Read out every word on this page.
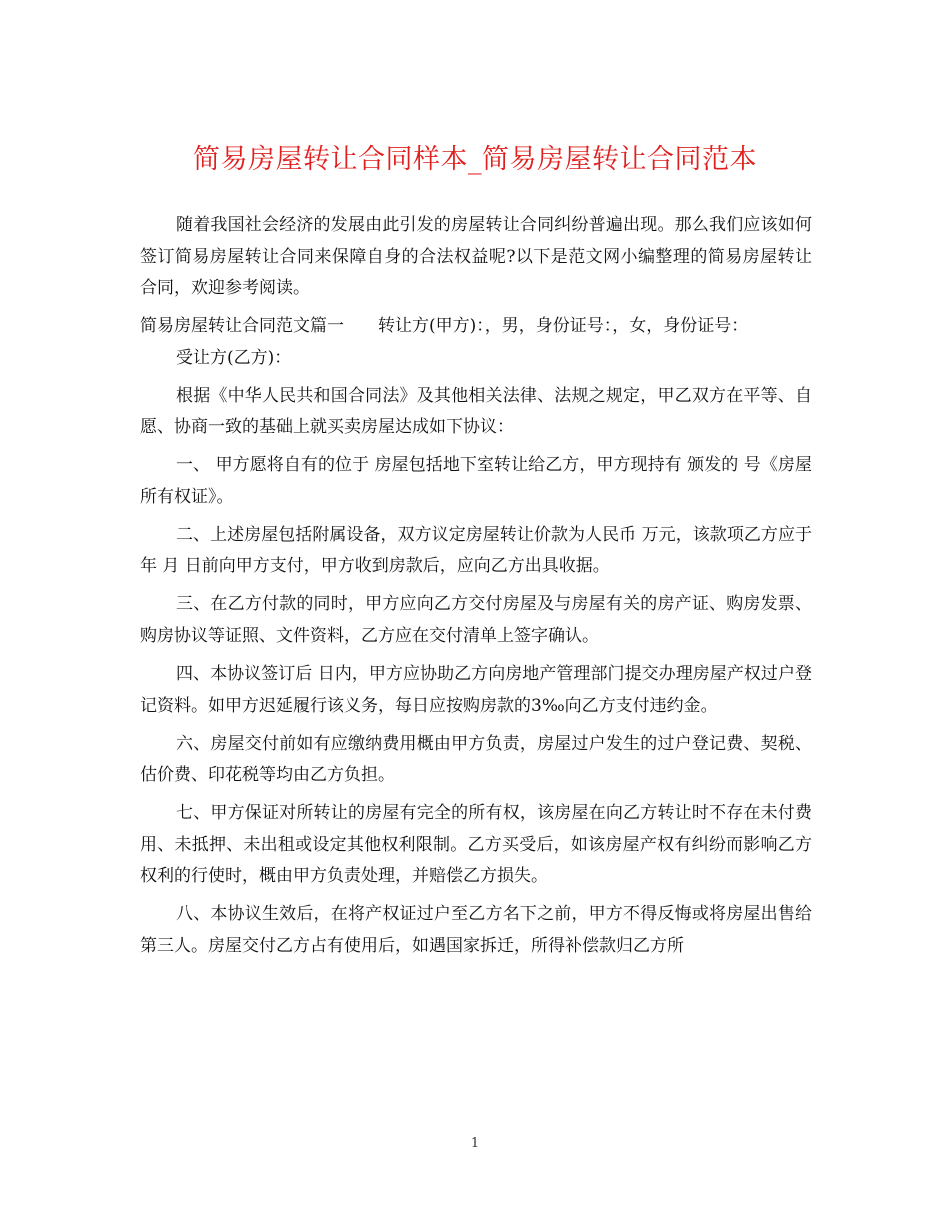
简易房屋转让合同样本_简易房屋转让合同范本

随着我国社会经济的发展由此引发的房屋转让合同纠纷普遍出现。那么我们应该如何签订简易房屋转让合同来保障自身的合法权益呢?以下是范文网小编整理的简易房屋转让合同，欢迎参考阅读。

简易房屋转让合同范文篇一　　转让方(甲方)：，男，身份证号：，女，身份证号：

受让方(乙方)：

根据《中华人民共和国合同法》及其他相关法律、法规之规定，甲乙双方在平等、自愿、协商一致的基础上就买卖房屋达成如下协议：

一、 甲方愿将自有的位于 房屋包括地下室转让给乙方，甲方现持有 颁发的 号《房屋所有权证》。

二、上述房屋包括附属设备，双方议定房屋转让价款为人民币 万元，该款项乙方应于 年 月 日前向甲方支付，甲方收到房款后，应向乙方出具收据。

三、在乙方付款的同时，甲方应向乙方交付房屋及与房屋有关的房产证、购房发票、购房协议等证照、文件资料，乙方应在交付清单上签字确认。

四、本协议签订后 日内，甲方应协助乙方向房地产管理部门提交办理房屋产权过户登记资料。如甲方迟延履行该义务，每日应按购房款的3‰向乙方支付违约金。

六、房屋交付前如有应缴纳费用概由甲方负责，房屋过户发生的过户登记费、契税、估价费、印花税等均由乙方负担。

七、甲方保证对所转让的房屋有完全的所有权，该房屋在向乙方转让时不存在未付费用、未抵押、未出租或设定其他权利限制。乙方买受后，如该房屋产权有纠纷而影响乙方权利的行使时，概由甲方负责处理，并赔偿乙方损失。

八、本协议生效后，在将产权证过户至乙方名下之前，甲方不得反悔或将房屋出售给第三人。房屋交付乙方占有使用后，如遇国家拆迁，所得补偿款归乙方所

1
